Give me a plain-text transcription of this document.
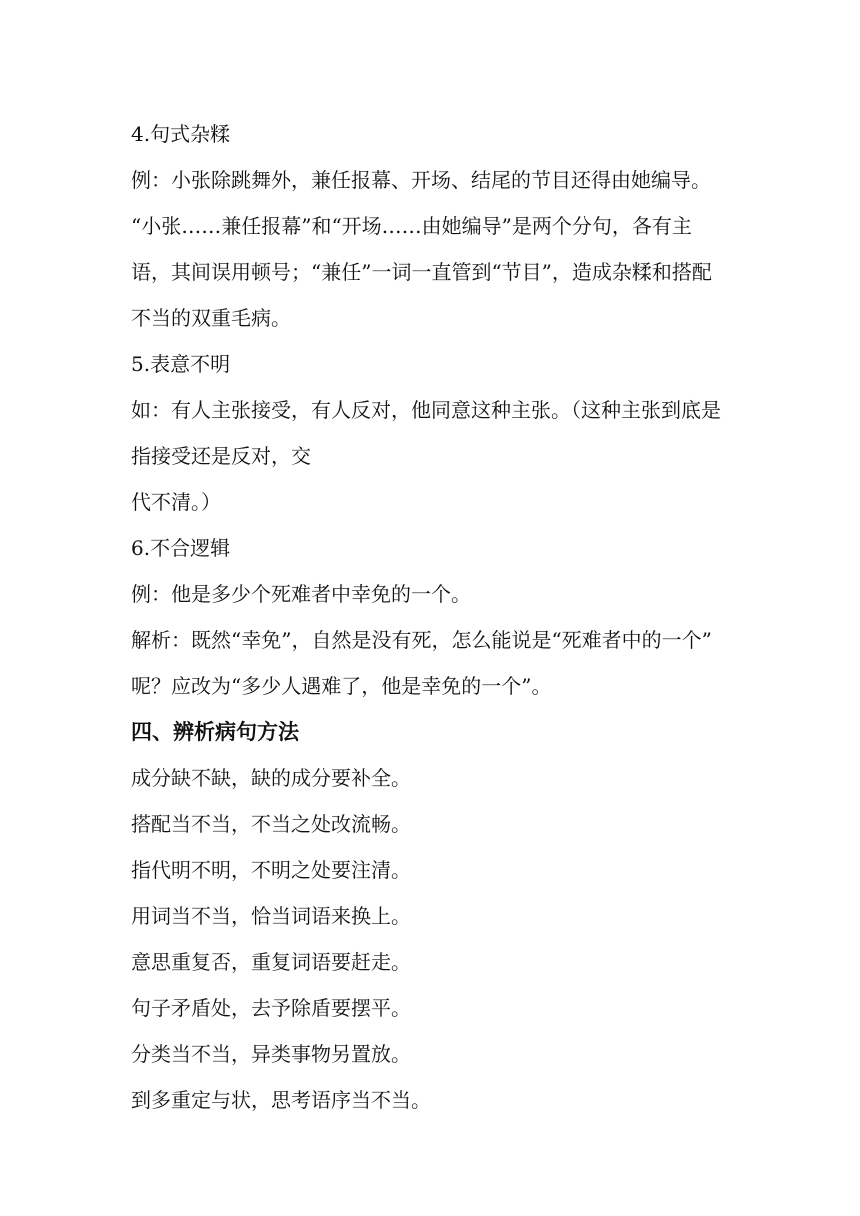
4.句式杂糅
例：小张除跳舞外，兼任报幕、开场、结尾的节目还得由她编导。
“小张……兼任报幕”和“开场……由她编导”是两个分句，各有主
语，其间误用顿号；“兼任”一词一直管到“节目”，造成杂糅和搭配
不当的双重毛病。
5.表意不明
如：有人主张接受，有人反对，他同意这种主张。（这种主张到底是
指接受还是反对，交
代不清。）
6.不合逻辑
例：他是多少个死难者中幸免的一个。
解析：既然“幸免”，自然是没有死，怎么能说是“死难者中的一个”
呢？应改为“多少人遇难了，他是幸免的一个”。
四、辨析病句方法
成分缺不缺，缺的成分要补全。
搭配当不当，不当之处改流畅。
指代明不明，不明之处要注清。
用词当不当，恰当词语来换上。
意思重复否，重复词语要赶走。
句子矛盾处，去予除盾要摆平。
分类当不当，异类事物另置放。
到多重定与状，思考语序当不当。
